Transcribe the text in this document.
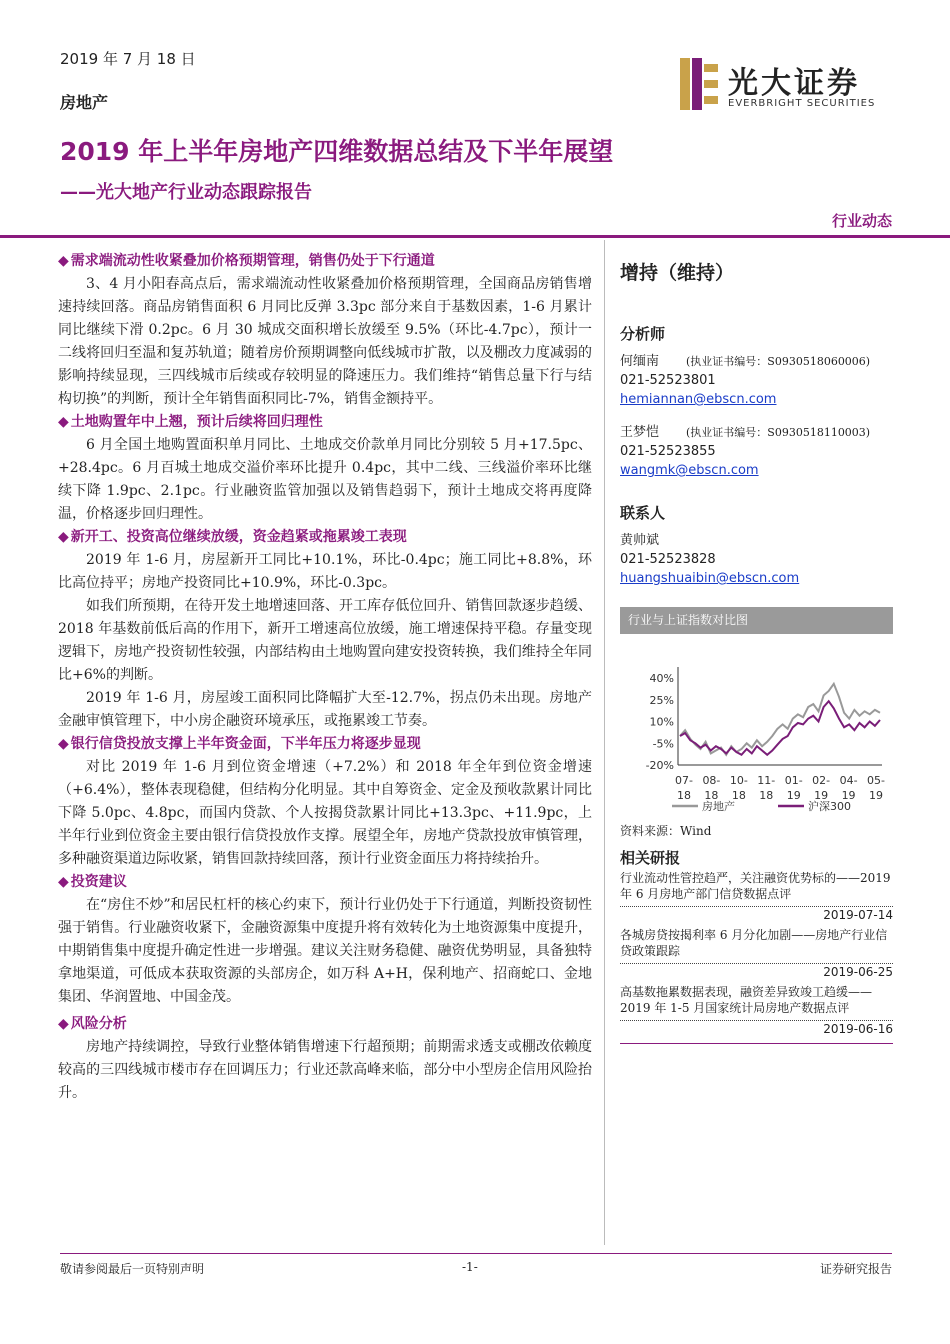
2019 年 7 月 18 日
房地产
光大证券
EVERBRIGHT SECURITIES
2019 年上半年房地产四维数据总结及下半年展望
——光大地产行业动态跟踪报告
行业动态
◆ 需求端流动性收紧叠加价格预期管理，销售仍处于下行通道

3、4 月小阳春高点后，需求端流动性收紧叠加价格预期管理，全国商品房销售增速持续回落。商品房销售面积 6 月同比反弹 3.3pc 部分来自于基数因素，1-6 月累计同比继续下滑 0.2pc。6 月 30 城成交面积增长放缓至 9.5%（环比-4.7pc），预计一二线将回归至温和复苏轨道；随着房价预期调整向低线城市扩散，以及棚改力度减弱的影响持续显现，三四线城市后续或存较明显的降速压力。我们维持“销售总量下行与结构切换”的判断，预计全年销售面积同比-7%，销售金额持平。

◆ 土地购置年中上翘，预计后续将回归理性

6 月全国土地购置面积单月同比、土地成交价款单月同比分别较 5 月+17.5pc、+28.4pc。6 月百城土地成交溢价率环比提升 0.4pc，其中二线、三线溢价率环比继续下降 1.9pc、2.1pc。行业融资监管加强以及销售趋弱下，预计土地成交将再度降温，价格逐步回归理性。

◆ 新开工、投资高位继续放缓，资金趋紧或拖累竣工表现

2019 年 1-6 月，房屋新开工同比+10.1%，环比-0.4pc；施工同比+8.8%，环比高位持平；房地产投资同比+10.9%，环比-0.3pc。

如我们所预期，在待开发土地增速回落、开工库存低位回升、销售回款逐步趋缓、2018 年基数前低后高的作用下，新开工增速高位放缓，施工增速保持平稳。存量变现逻辑下，房地产投资韧性较强，内部结构由土地购置向建安投资转换，我们维持全年同比+6%的判断。

2019 年 1-6 月，房屋竣工面积同比降幅扩大至-12.7%，拐点仍未出现。房地产金融审慎管理下，中小房企融资环境承压，或拖累竣工节奏。

◆ 银行信贷投放支撑上半年资金面，下半年压力将逐步显现

对比 2019 年 1-6 月到位资金增速（+7.2%）和 2018 年全年到位资金增速（+6.4%），整体表现稳健，但结构分化明显。其中自筹资金、定金及预收款累计同比下降 5.0pc、4.8pc，而国内贷款、个人按揭贷款累计同比+13.3pc、+11.9pc，上半年行业到位资金主要由银行信贷投放作支撑。展望全年，房地产贷款投放审慎管理，多种融资渠道边际收紧，销售回款持续回落，预计行业资金面压力将持续抬升。

◆ 投资建议

在“房住不炒”和居民杠杆的核心约束下，预计行业仍处于下行通道，判断投资韧性强于销售。行业融资收紧下，金融资源集中度提升将有效转化为土地资源集中度提升，中期销售集中度提升确定性进一步增强。建议关注财务稳健、融资优势明显，具备独特拿地渠道，可低成本获取资源的头部房企，如万科 A+H，保利地产、招商蛇口、金地集团、华润置地、中国金茂。

◆ 风险分析

房地产持续调控，导致行业整体销售增速下行超预期；前期需求透支或棚改依赖度较高的三四线城市楼市存在回调压力；行业还款高峰来临，部分中小型房企信用风险抬升。

增持（维持）
分析师
何缅南 (执业证书编号：S0930518060006)
021-52523801
hemiannan@ebscn.com
王梦恺 (执业证书编号：S0930518110003)
021-52523855
wangmk@ebscn.com
联系人
黄帅斌
021-52523828
huangshuaibin@ebscn.com
行业与上证指数对比图
40%
25%
10%
-5%
-20%
07-
18
08-
18
10-
18
11-
18
01-
19
02-
19
04-
19
05-
19
房地产	沪深300
资料来源：Wind
相关研报
行业流动性管控趋严，关注融资优势标的——2019 年 6 月房地产部门信贷数据点评
2019-07-14
各城房贷按揭利率 6 月分化加剧——房地产行业信贷政策跟踪
2019-06-25
高基数拖累数据表现，融资差异致竣工趋缓——2019 年 1-5 月国家统计局房地产数据点评
2019-06-16
敬请参阅最后一页特别声明	-1-	证券研究报告
